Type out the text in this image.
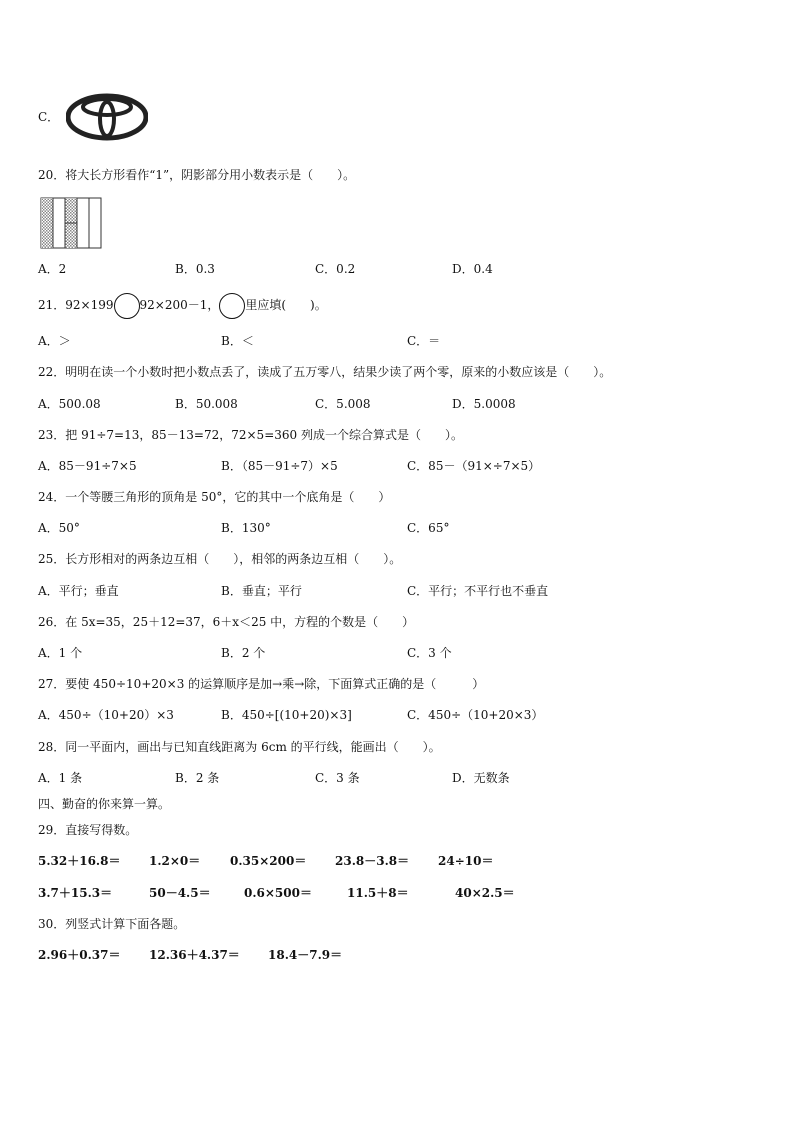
C．
20．将大长方形看作“1”，阴影部分用小数表示是（　　）。
A．2	B．0.3	C．0.2	D．0.4
21．92×199 92×200－1， 里应填(　　)。
A．＞	B．＜	C．＝
22．明明在读一个小数时把小数点丢了，读成了五万零八，结果少读了两个零，原来的小数应该是（　　）。
A．500.08	B．50.008	C．5.008	D．5.0008
23．把 91÷7=13，85－13=72，72×5=360 列成一个综合算式是（　　）。
A．85－91÷7×5	B．（85－91÷7）×5	C．85－（91×÷7×5）
24．一个等腰三角形的顶角是 50°，它的其中一个底角是（　　）
A．50°	B．130°	C．65°
25．长方形相对的两条边互相（　　），相邻的两条边互相（　　）。
A．平行；垂直	B．垂直；平行	C．平行；不平行也不垂直
26．在 5x=35，25＋12=37，6＋x＜25 中，方程的个数是（　　）
A．1 个	B．2 个	C．3 个
27．要使 450÷10+20×3 的运算顺序是加→乘→除，下面算式正确的是（　　　）
A．450÷（10+20）×3	B．450÷[(10+20)×3]	C．450÷（10+20×3）
28．同一平面内，画出与已知直线距离为 6cm 的平行线，能画出（　　）。
A．1 条	B．2 条	C．3 条	D．无数条
四、勤奋的你来算一算。
29．直接写得数。
5.32＋16.8＝ 1.2×0＝ 0.35×200＝ 23.8－3.8＝ 24÷10＝
3.7＋15.3＝	50－4.5＝	0.6×500＝	11.5＋8＝	40×2.5＝
30．列竖式计算下面各题。
2.96＋0.37＝ 12.36＋4.37＝ 18.4－7.9＝
